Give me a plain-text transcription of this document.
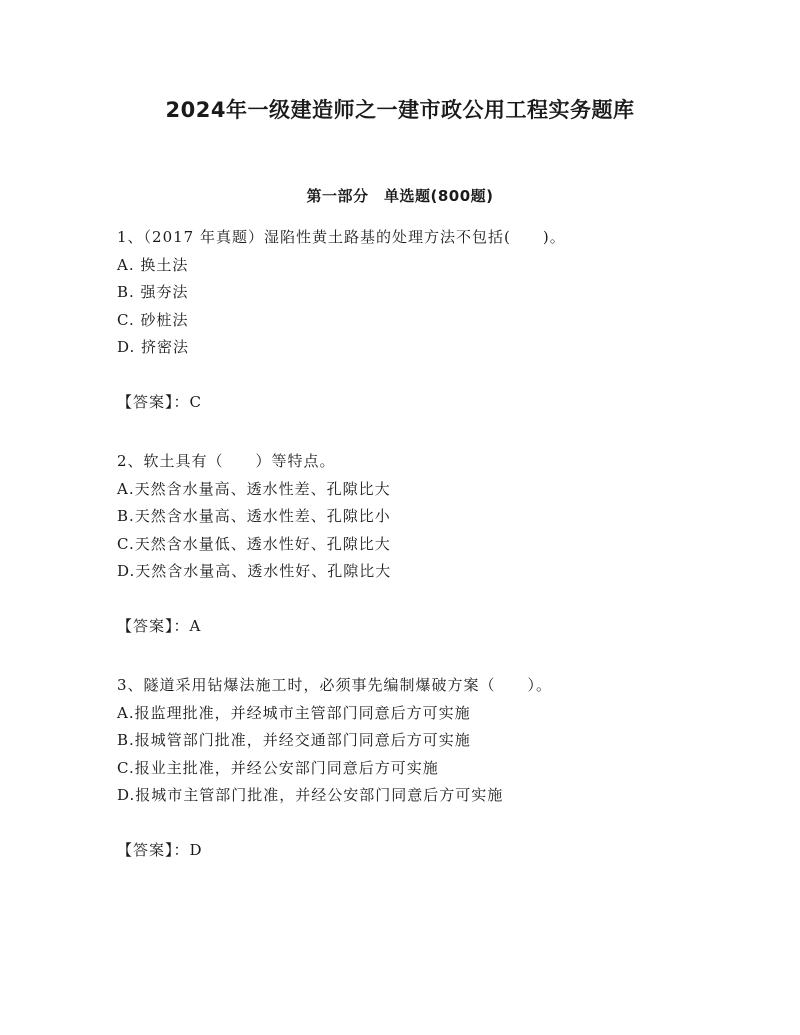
2024年一级建造师之一建市政公用工程实务题库
第一部分　单选题(800题)
1、（2017 年真题）湿陷性黄土路基的处理方法不包括(　　)。
A. 换土法
B. 强夯法
C. 砂桩法
D. 挤密法
【答案】：C
2、软土具有（　　）等特点。
A.天然含水量高、透水性差、孔隙比大
B.天然含水量高、透水性差、孔隙比小
C.天然含水量低、透水性好、孔隙比大
D.天然含水量高、透水性好、孔隙比大
【答案】：A
3、隧道采用钻爆法施工时，必须事先编制爆破方案（　　）。
A.报监理批准，并经城市主管部门同意后方可实施
B.报城管部门批准，并经交通部门同意后方可实施
C.报业主批准，并经公安部门同意后方可实施
D.报城市主管部门批准，并经公安部门同意后方可实施
【答案】：D
